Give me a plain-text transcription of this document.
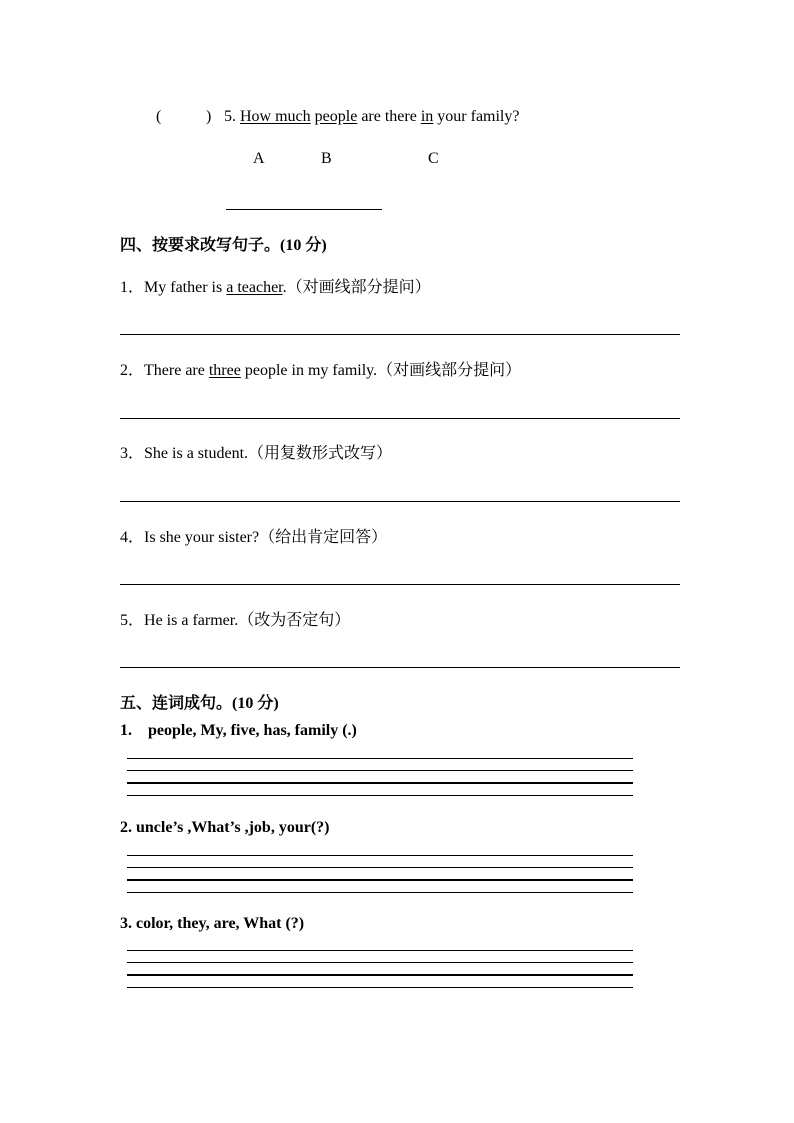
(	) 5. How much people are there in your family?
A	B	C
四、按要求改写句子。(10 分)
1．My father is a teacher.（对画线部分提问）
2．There are three people in my family.（对画线部分提问）
3．She is a student.（用复数形式改写）
4．Is she your sister?（给出肯定回答）
5．He is a farmer.（改为否定句）
五、连词成句。(10 分)
1.    people, My, five, has, family (.)
2. uncle’s ,What’s ,job, your(?)
3. color, they, are, What (?)
